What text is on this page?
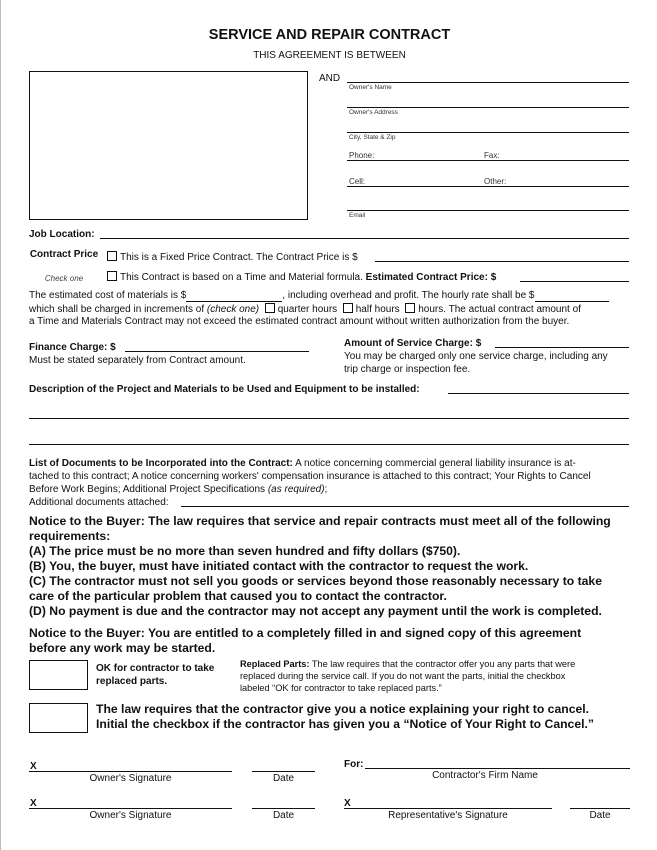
SERVICE AND REPAIR CONTRACT
THIS AGREEMENT IS BETWEEN
AND
Owner's Name
Owner's Address
City, State & Zip
Phone:	Fax:
Cell:	Other:
Email
Job Location:
Contract Price
Check one
This is a Fixed Price Contract. The Contract Price is $
This Contract is based on a Time and Material formula. Estimated Contract Price: $
The estimated cost of materials is $	, including overhead and profit. The hourly rate shall be $
which shall be charged in increments of (check one) quarter hours half hours hours. The actual contract amount of
a Time and Materials Contract may not exceed the estimated contract amount without written authorization from the buyer.
Finance Charge: $
Must be stated separately from Contract amount.
Amount of Service Charge: $
You may be charged only one service charge, including any
trip charge or inspection fee.
Description of the Project and Materials to be Used and Equipment to be installed:
List of Documents to be Incorporated into the Contract: A notice concerning commercial general liability insurance is at-
tached to this contract; A notice concerning workers' compensation insurance is attached to this contract; Your Rights to Cancel
Before Work Begins; Additional Project Specifications (as required);
Additional documents attached:
Notice to the Buyer: The law requires that service and repair contracts must meet all of the following
requirements:
(A) The price must be no more than seven hundred and fifty dollars ($750).
(B) You, the buyer, must have initiated contact with the contractor to request the work.
(C) The contractor must not sell you goods or services beyond those reasonably necessary to take
care of the particular problem that caused you to contact the contractor.
(D) No payment is due and the contractor may not accept any payment until the work is completed.
Notice to the Buyer: You are entitled to a completely filled in and signed copy of this agreement
before any work may be started.
OK for contractor to take
replaced parts.
Replaced Parts: The law requires that the contractor offer you any parts that were
replaced during the service call. If you do not want the parts, initial the checkbox
labeled “OK for contractor to take replaced parts.”
The law requires that the contractor give you a notice explaining your right to cancel.
Initial the checkbox if the contractor has given you a “Notice of Your Right to Cancel.”
X
Owner's Signature	Date
For:
Contractor's Firm Name
X
Owner's Signature	Date
X
Representative's Signature	Date
